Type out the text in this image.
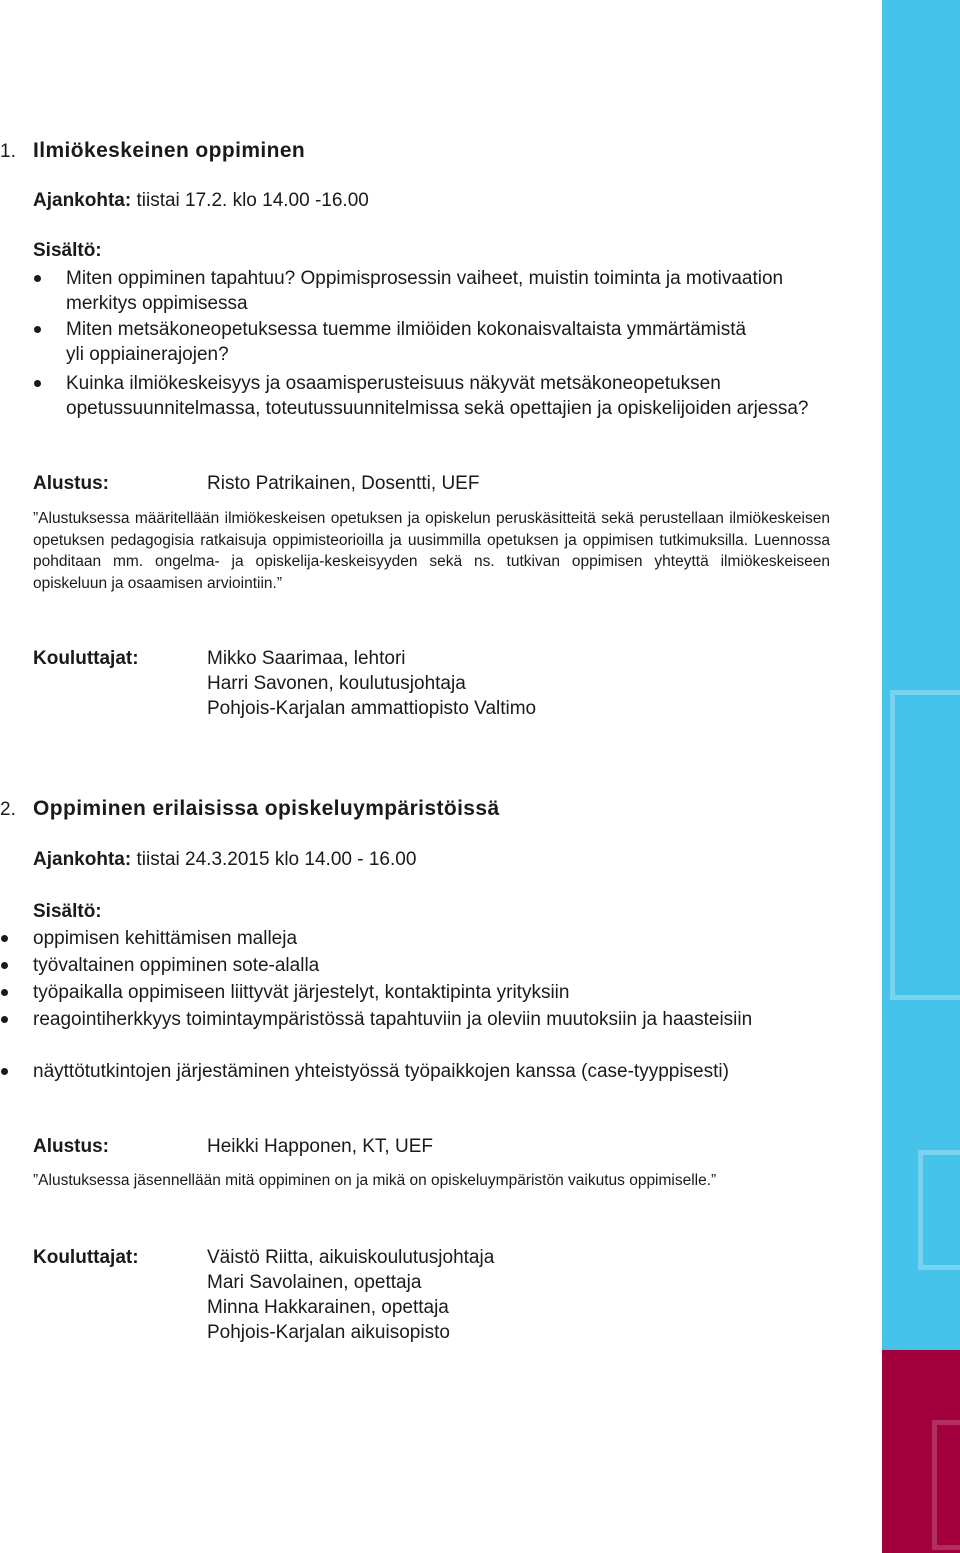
1. Ilmiökeskeinen oppiminen
Ajankohta: tiistai 17.2. klo 14.00 -16.00
Sisältö:
Miten oppiminen tapahtuu? Oppimisprosessin vaiheet, muistin toiminta ja motivaation merkitys oppimisessa
Miten metsäkoneopetuksessa tuemme ilmiöiden kokonaisvaltaista ymmärtämistä yli oppiainerajojen?
Kuinka ilmiökeskeisyys ja osaamisperusteisuus näkyvät metsäkoneopetuksen opetussuunnitelmassa, toteutussuunnitelmissa sekä opettajien ja opiskelijoiden arjessa?
Alustus:	Risto Patrikainen, Dosentti, UEF
”Alustuksessa määritellään ilmiökeskeisen opetuksen ja opiskelun peruskäsitteitä sekä perustellaan ilmiökeskeisen opetuksen pedagogisia ratkaisuja oppimisteorioilla ja uusimmilla opetuksen ja oppimisen tutkimuksilla. Luennossa pohditaan mm. ongelma- ja opiskelija-keskeisyyden sekä ns. tutkivan oppimisen yhteyttä ilmiökeskeiseen opiskeluun ja osaamisen arviointiin.”
Kouluttajat:	Mikko Saarimaa, lehtori
Harri Savonen, koulutusjohtaja
Pohjois-Karjalan ammattiopisto Valtimo
2. Oppiminen erilaisissa opiskeluympäristöissä
Ajankohta: tiistai 24.3.2015 klo 14.00 - 16.00
Sisältö:
oppimisen kehittämisen malleja
työvaltainen oppiminen sote-alalla
työpaikalla oppimiseen liittyvät järjestelyt, kontaktipinta yrityksiin
reagointiherkkyys toimintaympäristössä tapahtuviin ja oleviin muutoksiin ja haasteisiin
näyttötutkintojen järjestäminen yhteistyössä työpaikkojen kanssa (case-tyyppisesti)
Alustus:	Heikki Happonen, KT, UEF
”Alustuksessa jäsennellään mitä oppiminen on ja mikä on opiskeluympäristön vaikutus oppimiselle.”
Kouluttajat:	Väistö Riitta, aikuiskoulutusjohtaja
Mari Savolainen, opettaja
Minna Hakkarainen, opettaja
Pohjois-Karjalan aikuisopisto
